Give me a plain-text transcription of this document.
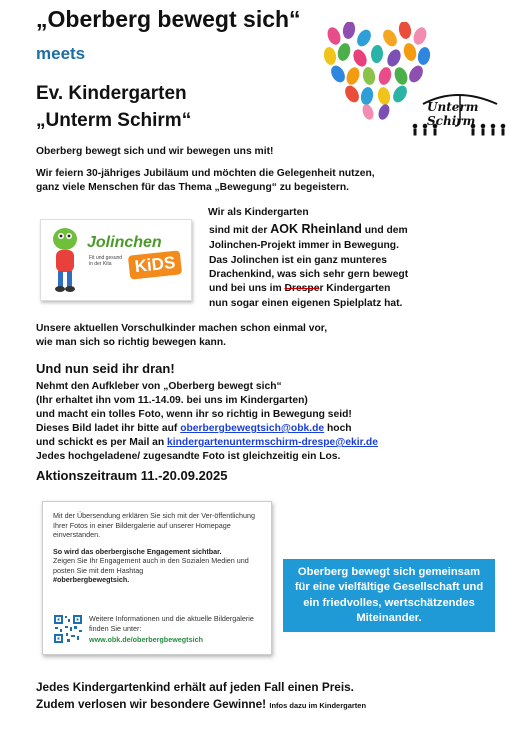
„Oberberg bewegt sich“
meets
Ev. Kindergarten
„Unterm Schirm“
Unterm Schirm
Oberberg bewegt sich und wir bewegen uns mit!
Wir feiern 30-jähriges Jubiläum und möchten die Gelegenheit nutzen,
ganz viele Menschen für das Thema „Bewegung“ zu begeistern.
Jolinchen
Fit und gesund in der Kita	KiDS
Wir als Kindergarten
sind mit der AOK Rheinland und dem
Jolinchen-Projekt immer in Bewegung.
Das Jolinchen ist ein ganz munteres
Drachenkind, was sich sehr gern bewegt
und bei uns im Dresper Kindergarten
nun sogar einen eigenen Spielplatz hat.
Unsere aktuellen Vorschulkinder machen schon einmal vor,
wie man sich so richtig bewegen kann.
Und nun seid ihr dran!
Nehmt den Aufkleber von „Oberberg bewegt sich“
(Ihr erhaltet ihn vom 11.-14.09. bei uns im Kindergarten)
und macht ein tolles Foto, wenn ihr so richtig in Bewegung seid!
Dieses Bild ladet ihr bitte auf oberbergbewegtsich@obk.de hoch
und schickt es per Mail an kindergartenuntermschirm-drespe@ekir.de
Jedes hochgeladene/ zugesandte Foto ist gleichzeitig ein Los.
Aktionszeitraum 11.-20.09.2025
Mit der Übersendung erklären Sie sich mit der Ver-öffentlichung Ihrer Fotos in einer Bildergalerie auf unserer Homepage einverstanden.
So wird das oberbergische Engagement sichtbar.
Zeigen Sie Ihr Engagement auch in den Sozialen Medien und posten Sie mit dem Hashtag
#oberbergbewegtsich.
Weitere Informationen und die aktuelle Bildergalerie finden Sie unter:
www.obk.de/oberbergbewegtsich
Oberberg bewegt sich gemeinsam
für eine vielfältige Gesellschaft und
ein friedvolles, wertschätzendes
Miteinander.
Jedes Kindergartenkind erhält auf jeden Fall einen Preis.
Zudem verlosen wir besondere Gewinne! Infos dazu im Kindergarten
